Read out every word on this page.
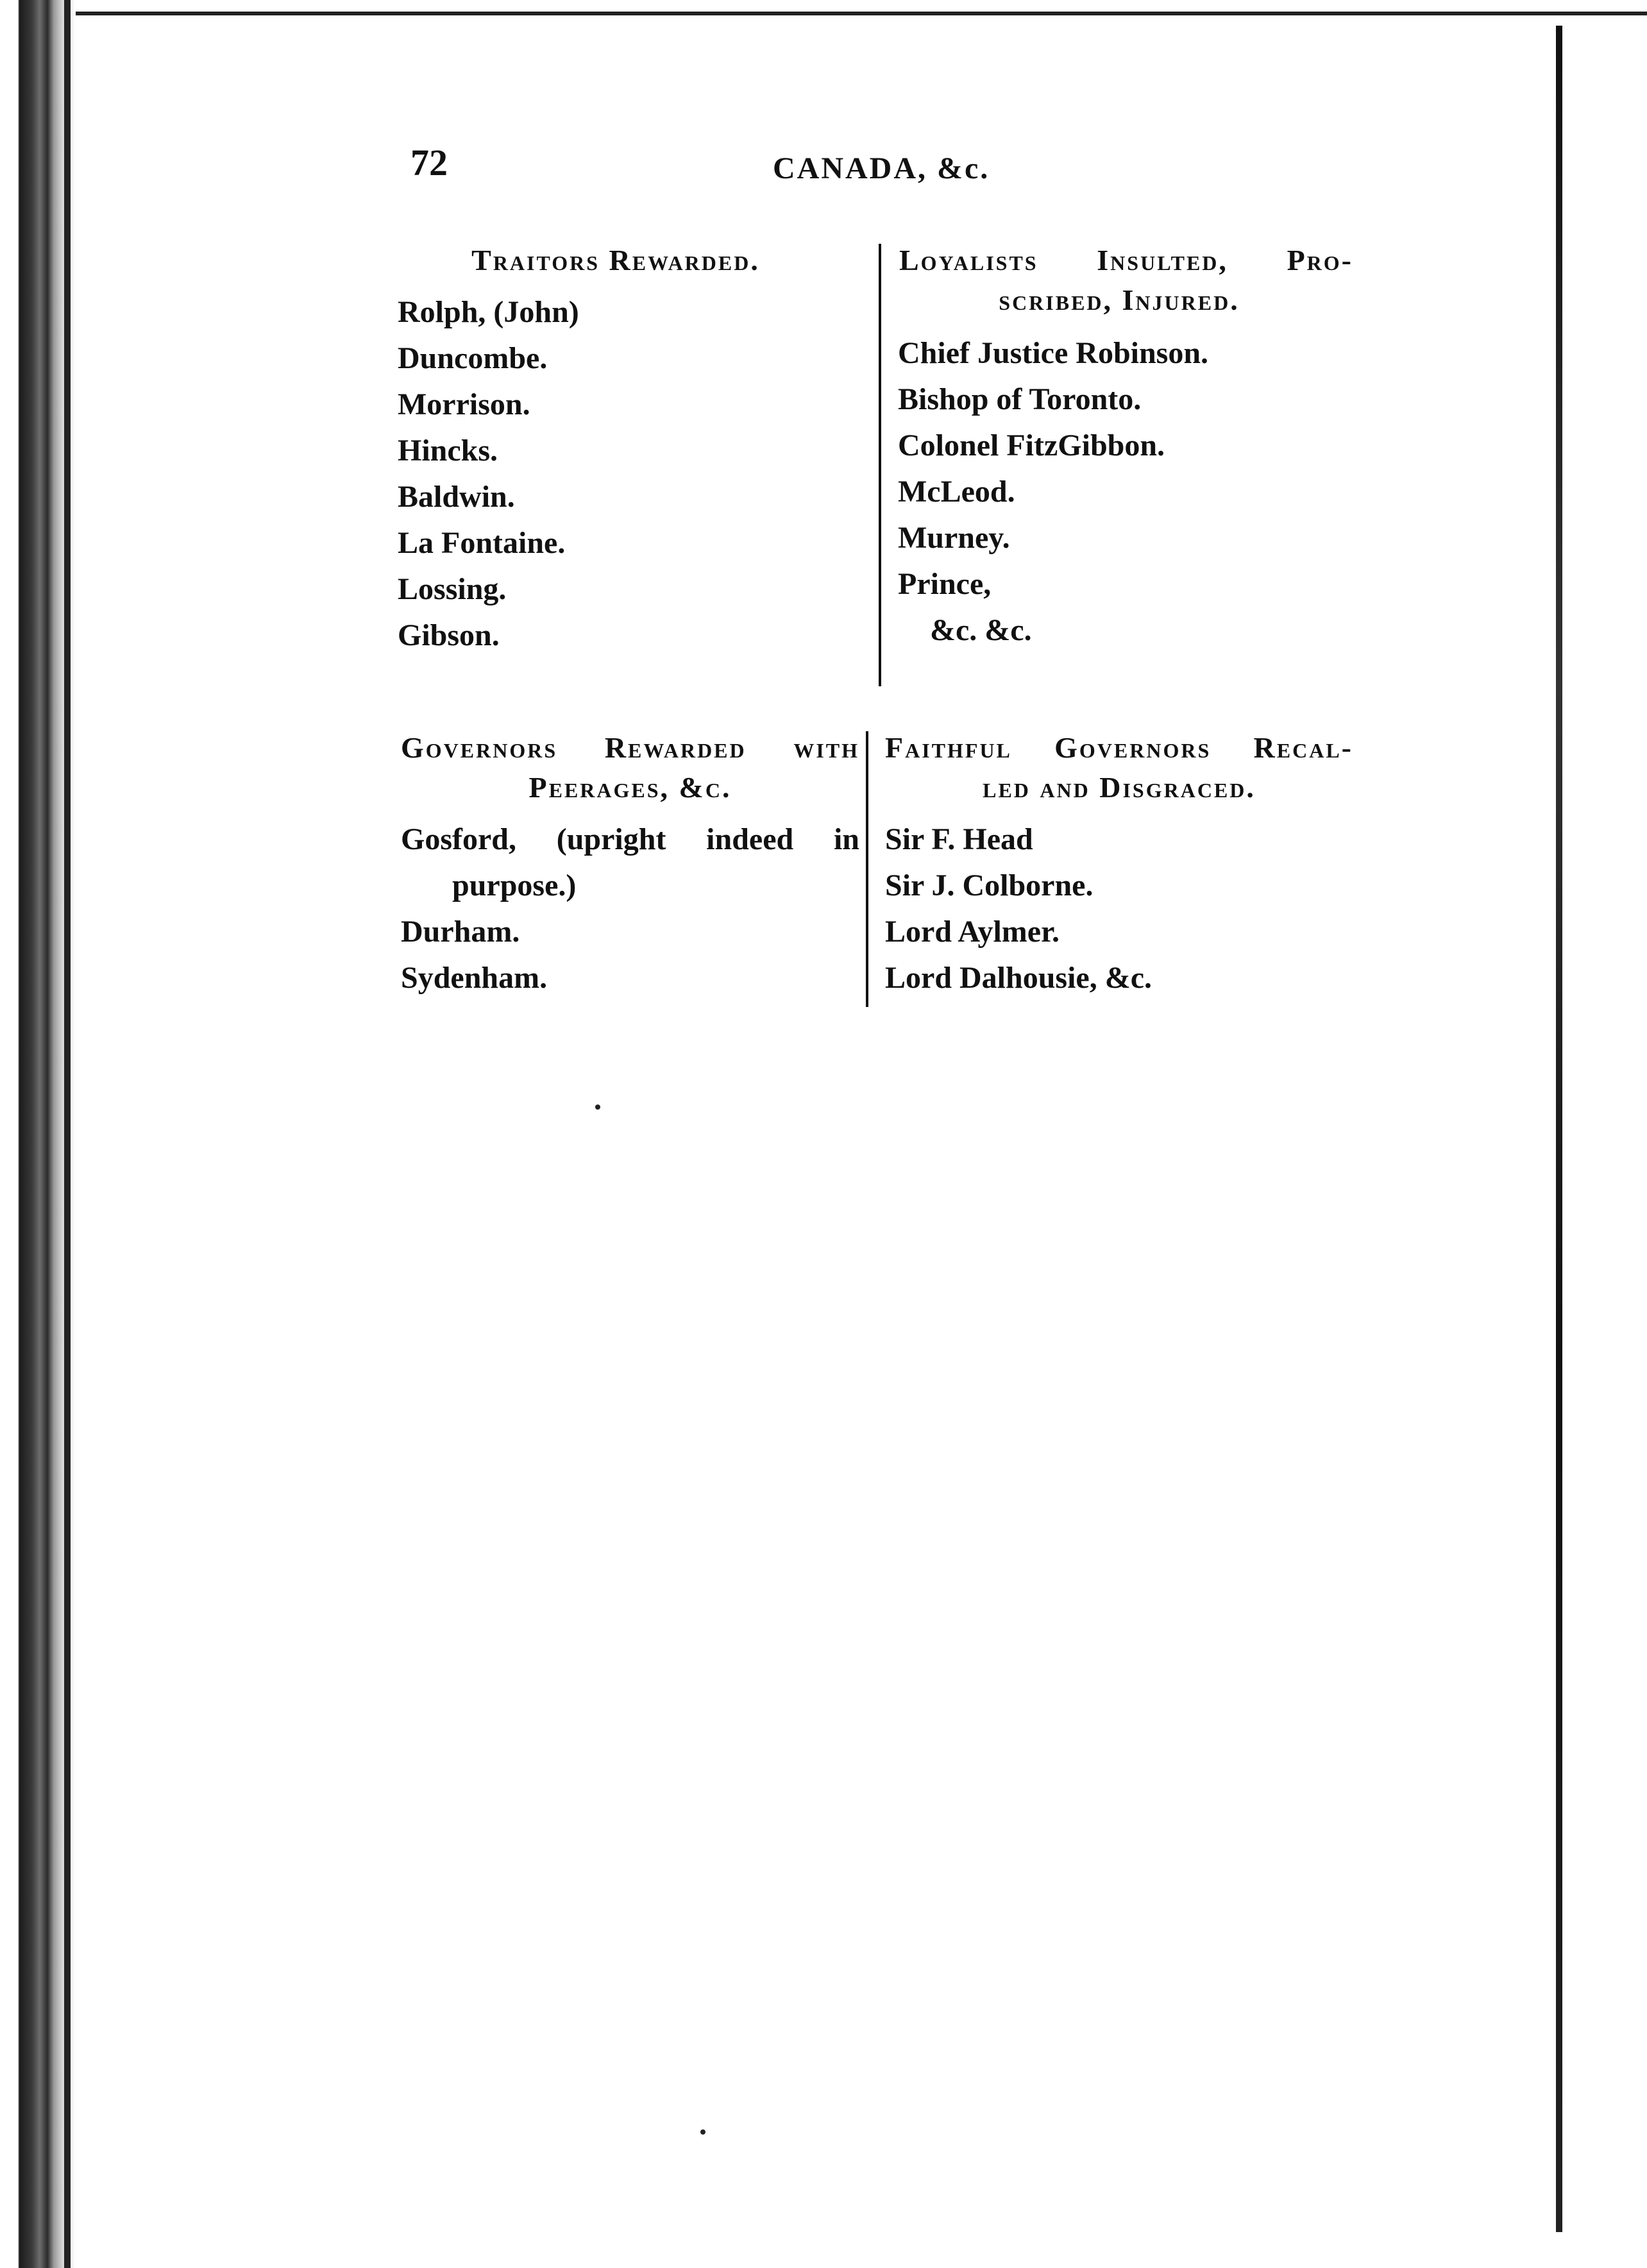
72	CANADA, &c.
Traitors Rewarded.
Rolph, (John)
Duncombe.
Morrison.
Hincks.
Baldwin.
La Fontaine.
Lossing.
Gibson.
Loyalists Insulted, Pro-
scribed, Injured.
Chief Justice Robinson.
Bishop of Toronto.
Colonel FitzGibbon.
McLeod.
Murney.
Prince,
&c. &c.
Governors Rewarded with
Peerages, &c.
Gosford, (upright indeed in
purpose.)
Durham.
Sydenham.
Faithful Governors Recal-
led and Disgraced.
Sir F. Head
Sir J. Colborne.
Lord Aylmer.
Lord Dalhousie, &c.
